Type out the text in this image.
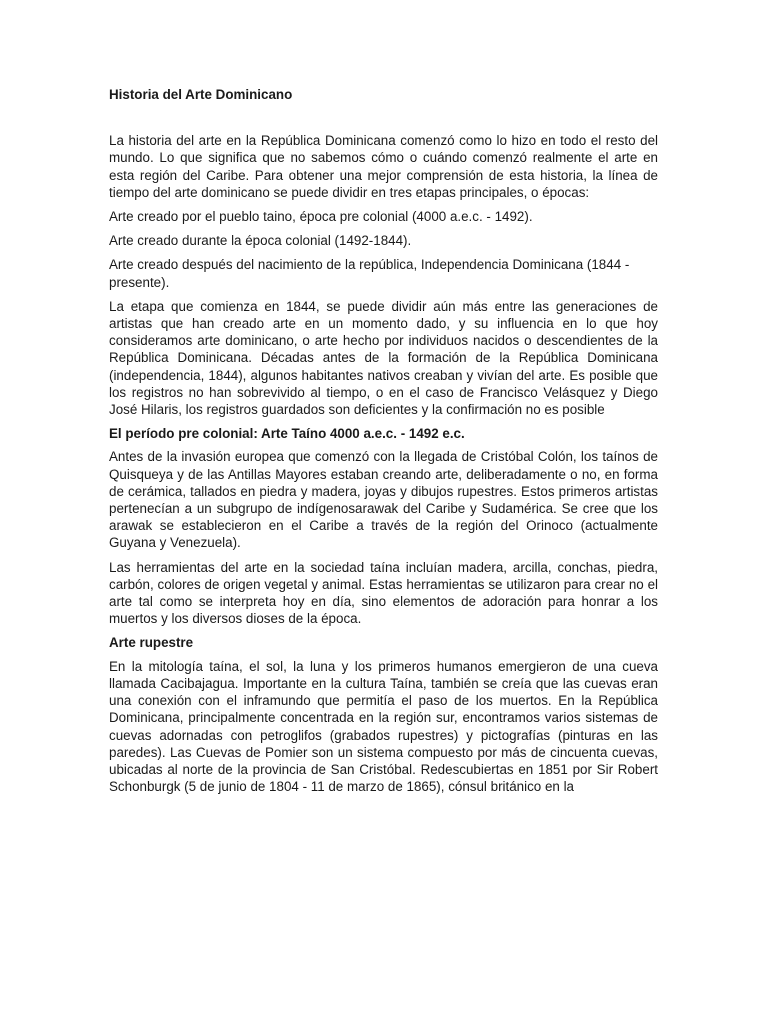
Historia del Arte Dominicano

La historia del arte en la República Dominicana comenzó como lo hizo en todo el resto del mundo. Lo que significa que no sabemos cómo o cuándo comenzó realmente el arte en esta región del Caribe. Para obtener una mejor comprensión de esta historia, la línea de tiempo del arte dominicano se puede dividir en tres etapas principales, o épocas:

Arte creado por el pueblo taino, época pre colonial (4000 a.e.c. - 1492).

Arte creado durante la época colonial (1492-1844).

Arte creado después del nacimiento de la república, Independencia Dominicana (1844 - presente).

La etapa que comienza en 1844, se puede dividir aún más entre las generaciones de artistas que han creado arte en un momento dado, y su influencia en lo que hoy consideramos arte dominicano, o arte hecho por individuos nacidos o descendientes de la República Dominicana. Décadas antes de la formación de la República Dominicana (independencia, 1844), algunos habitantes nativos creaban y vivían del arte. Es posible que los registros no han sobrevivido al tiempo, o en el caso de Francisco Velásquez y Diego José Hilaris, los registros guardados son deficientes y la confirmación no es posible

El período pre colonial: Arte Taíno 4000 a.e.c. - 1492 e.c.

Antes de la invasión europea que comenzó con la llegada de Cristóbal Colón, los taínos de Quisqueya y de las Antillas Mayores estaban creando arte, deliberadamente o no, en forma de cerámica, tallados en piedra y madera, joyas y dibujos rupestres. Estos primeros artistas pertenecían a un subgrupo de indígenosarawak del Caribe y Sudamérica. Se cree que los arawak se establecieron en el Caribe a través de la región del Orinoco (actualmente Guyana y Venezuela).

Las herramientas del arte en la sociedad taína incluían madera, arcilla, conchas, piedra, carbón, colores de origen vegetal y animal. Estas herramientas se utilizaron para crear no el arte tal como se interpreta hoy en día, sino elementos de adoración para honrar a los muertos y los diversos dioses de la época.

Arte rupestre

En la mitología taína, el sol, la luna y los primeros humanos emergieron de una cueva llamada Cacibajagua. Importante en la cultura Taína, también se creía que las cuevas eran una conexión con el inframundo que permitía el paso de los muertos. En la República Dominicana, principalmente concentrada en la región sur, encontramos varios sistemas de cuevas adornadas con petroglifos (grabados rupestres) y pictografías (pinturas en las paredes). Las Cuevas de Pomier son un sistema compuesto por más de cincuenta cuevas, ubicadas al norte de la provincia de San Cristóbal. Redescubiertas en 1851 por Sir Robert Schonburgk (5 de junio de 1804 - 11 de marzo de 1865), cónsul británico en la
